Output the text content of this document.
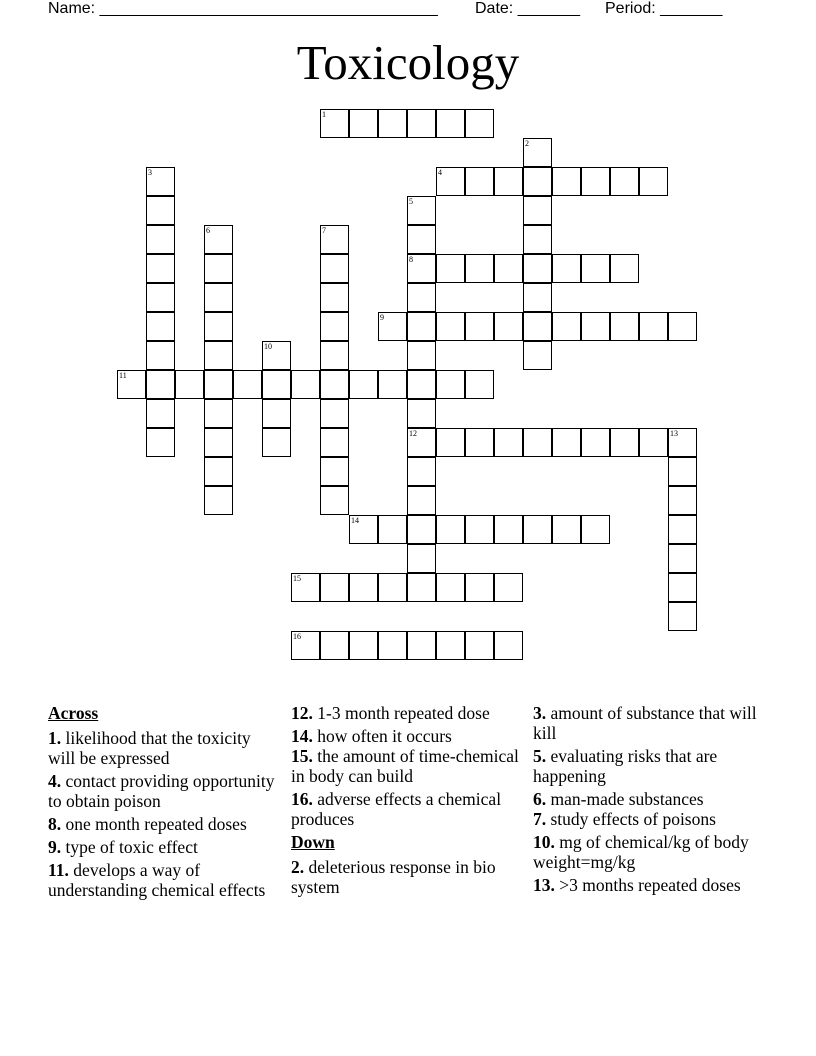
Name: ______________________________________ Date: _______ Period: _______
Toxicology
1
2
3	4
5
6	7
8
9
10
11
12	13
14
15
16
Across
1. likelihood that the toxicity will be expressed
4. contact providing opportunity to obtain poison
8. one month repeated doses
9. type of toxic effect
11. develops a way of understanding chemical effects
12. 1-3 month repeated dose
14. how often it occurs
15. the amount of time-chemical in body can build
16. adverse effects a chemical produces
Down
2. deleterious response in bio system
3. amount of substance that will kill
5. evaluating risks that are happening
6. man-made substances
7. study effects of poisons
10. mg of chemical/kg of body weight=mg/kg
13. >3 months repeated doses
